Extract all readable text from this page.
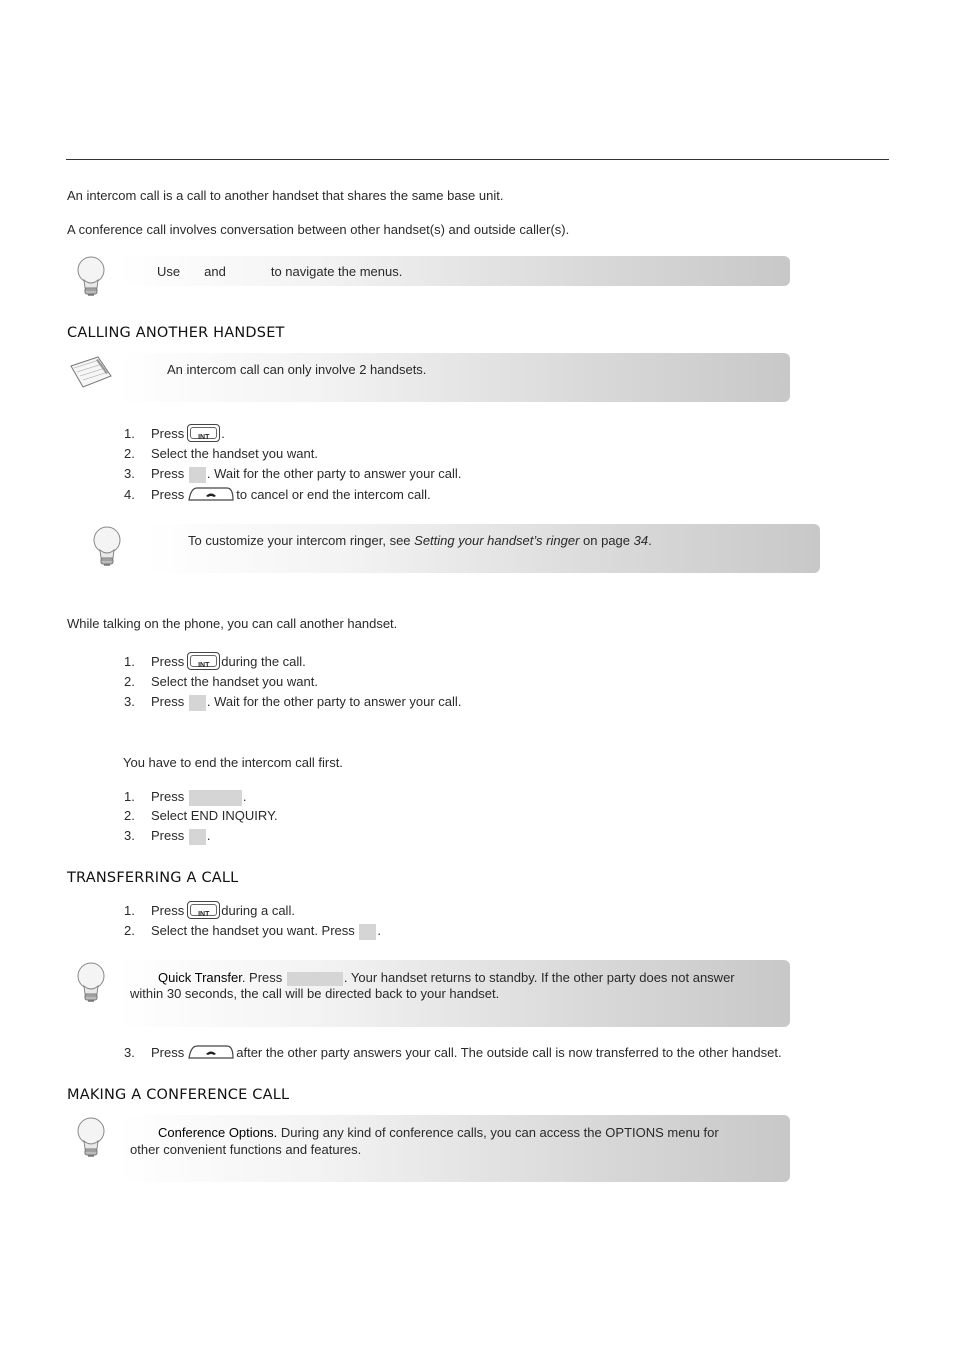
An intercom call is a call to another handset that shares the same base unit.
A conference call involves conversation between other handset(s) and outside caller(s).
Use and	to navigate the menus.
CALLING ANOTHER HANDSET
An intercom call can only involve 2 handsets.
1.	Press	INT .
2.	Select the handset you want.
3.	Press . Wait for the other party to answer your call.
4.	Press	to cancel or end the intercom call.
To customize your intercom ringer, see Setting your handset’s ringer on page 34.
While talking on the phone, you can call another handset.
1.	Press	INT during the call.
2.	Select the handset you want.
3.	Press . Wait for the other party to answer your call.
You have to end the intercom call first.
1.	Press	.
2.	Select END INQUIRY.
3.	Press .
TRANSFERRING A CALL
1.	Press	INT during a call.
2.	Select the handset you want. Press .
Quick Transfer. Press	. Your handset returns to standby. If the other party does not answer
within 30 seconds, the call will be directed back to your handset.
3.	Press	after the other party answers your call. The outside call is now transferred to the other handset.
MAKING A CONFERENCE CALL
Conference Options. During any kind of conference calls, you can access the OPTIONS menu for
other convenient functions and features.
